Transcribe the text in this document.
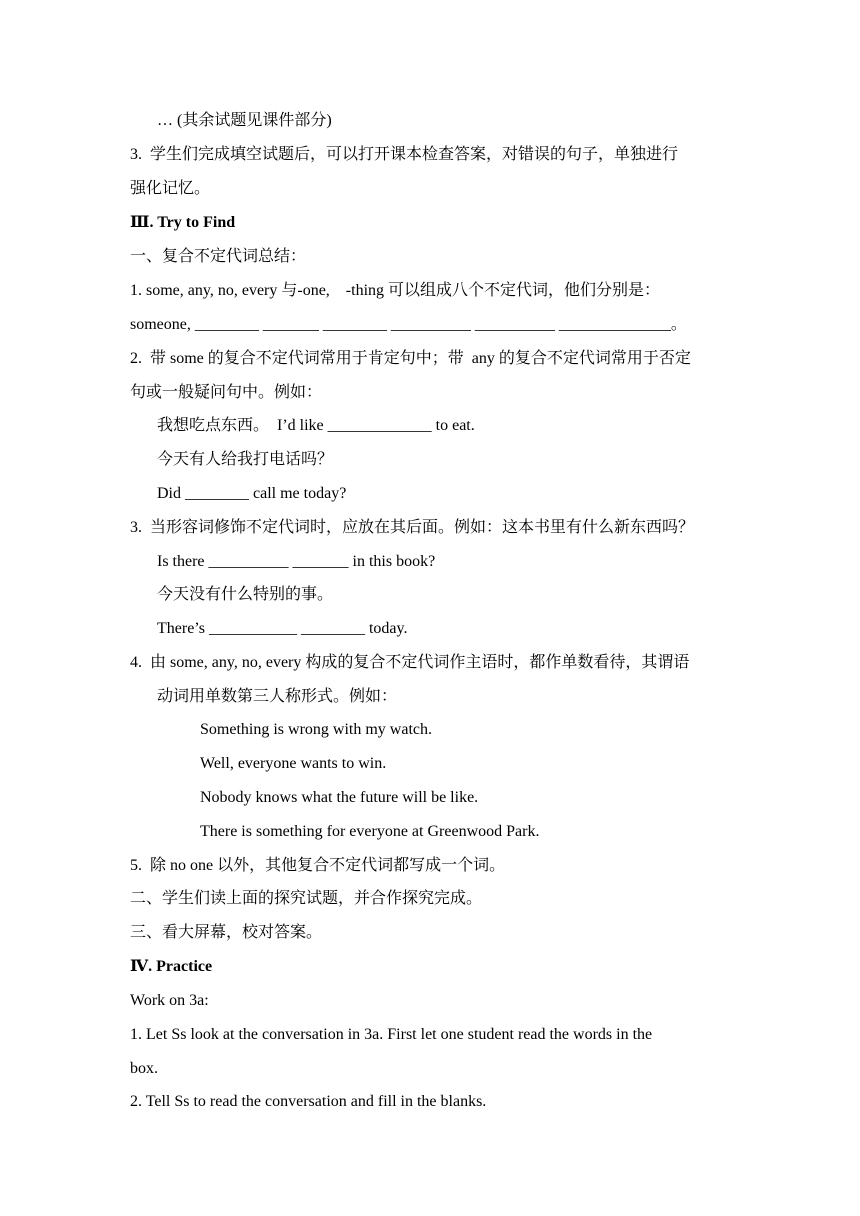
… (其余试题见课件部分)
3.  学生们完成填空试题后，可以打开课本检查答案，对错误的句子，单独进行
强化记忆。
Ⅲ. Try to Find
一、复合不定代词总结：
1. some, any, no, every 与-one,    -thing 可以组成八个不定代词，他们分别是：
someone, ________ _______ ________ __________ __________ ______________。
2.  带 some 的复合不定代词常用于肯定句中；带  any 的复合不定代词常用于否定
句或一般疑问句中。例如：
我想吃点东西。  I’d like _____________ to eat.
今天有人给我打电话吗？
Did ________ call me today?
3.  当形容词修饰不定代词时，应放在其后面。例如：这本书里有什么新东西吗？
Is there __________ _______ in this book?
今天没有什么特别的事。
There’s ___________ ________ today.
4.  由 some, any, no, every 构成的复合不定代词作主语时，都作单数看待，其谓语
动词用单数第三人称形式。例如：
Something is wrong with my watch.
Well, everyone wants to win.
Nobody knows what the future will be like.
There is something for everyone at Greenwood Park.
5.  除 no one 以外，其他复合不定代词都写成一个词。
二、学生们读上面的探究试题，并合作探究完成。
三、看大屏幕，校对答案。
Ⅳ. Practice
Work on 3a:
1. Let Ss look at the conversation in 3a. First let one student read the words in the
box.
2. Tell Ss to read the conversation and fill in the blanks.
